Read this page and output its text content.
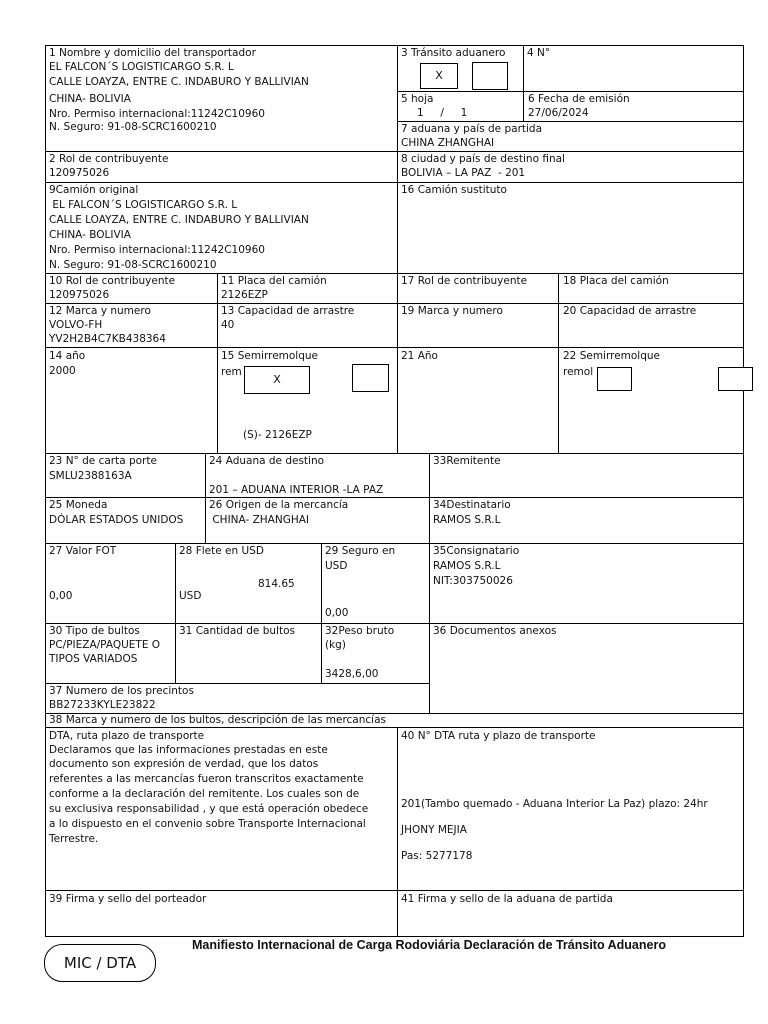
1 Nombre y domicilio del transportador
EL FALCON´S LOGISTICARGO S.R. L
CALLE LOAYZA, ENTRE C. INDABURO Y BALLIVIAN
CHINA- BOLIVIA
Nro. Permiso internacional:11242C10960
N. Seguro: 91-08-SCRC1600210
3 Tránsito aduanero
X
4 N°
5 hoja
1     /     1
6 Fecha de emisión
27/06/2024
7 aduana y país de partida
CHINA ZHANGHAI
2 Rol de contribuyente
120975026
8 ciudad y país de destino final
BOLIVIA – LA PAZ  - 201
9Camión original
EL FALCON´S LOGISTICARGO S.R. L
CALLE LOAYZA, ENTRE C. INDABURO Y BALLIVIAN
CHINA- BOLIVIA
Nro. Permiso internacional:11242C10960
N. Seguro: 91-08-SCRC1600210
16 Camión sustituto
10 Rol de contribuyente
120975026
11 Placa del camión
2126EZP
17 Rol de contribuyente	18 Placa del camión
12 Marca y numero
VOLVO-FH
YV2H2B4C7KB438364
13 Capacidad de arrastre
40
19 Marca y numero	20 Capacidad de arrastre
14 año
2000
15 Semirremolque
rem
X
(S)- 2126EZP
21 Año	22 Semirremolque
remol
23 N° de carta porte
SMLU2388163A
24 Aduana de destino
201 – ADUANA INTERIOR -LA PAZ
33Remitente
25 Moneda
DÓLAR ESTADOS UNIDOS
26 Origen de la mercancía
CHINA- ZHANGHAI
34Destinatario
RAMOS S.R.L
27 Valor FOT
0,00
28 Flete en USD
814.65
USD
29 Seguro en
USD
0,00
35Consignatario
RAMOS S.R.L
NIT:303750026
30 Tipo de bultos
PC/PIEZA/PAQUETE O
TIPOS VARIADOS
31 Cantidad de bultos	32Peso bruto
(kg)
3428,6,00
36 Documentos anexos
37 Numero de los precintos
BB27233KYLE23822
38 Marca y numero de los bultos, descripción de las mercancías
DTA, ruta plazo de transporte
Declaramos que las informaciones prestadas en este
documento son expresión de verdad, que los datos
referentes a las mercancías fueron transcritos exactamente
conforme a la declaración del remitente. Los cuales son de
su exclusiva responsabilidad , y que está operación obedece
a lo dispuesto en el convenio sobre Transporte Internacional
Terrestre.
40 N° DTA ruta y plazo de transporte
201(Tambo quemado - Aduana Interior La Paz) plazo: 24hr
JHONY MEJIA
Pas: 5277178
39 Firma y sello del porteador	41 Firma y sello de la aduana de partida
MIC / DTA
Manifiesto Internacional de Carga Rodoviária Declaración de Tránsito Aduanero
